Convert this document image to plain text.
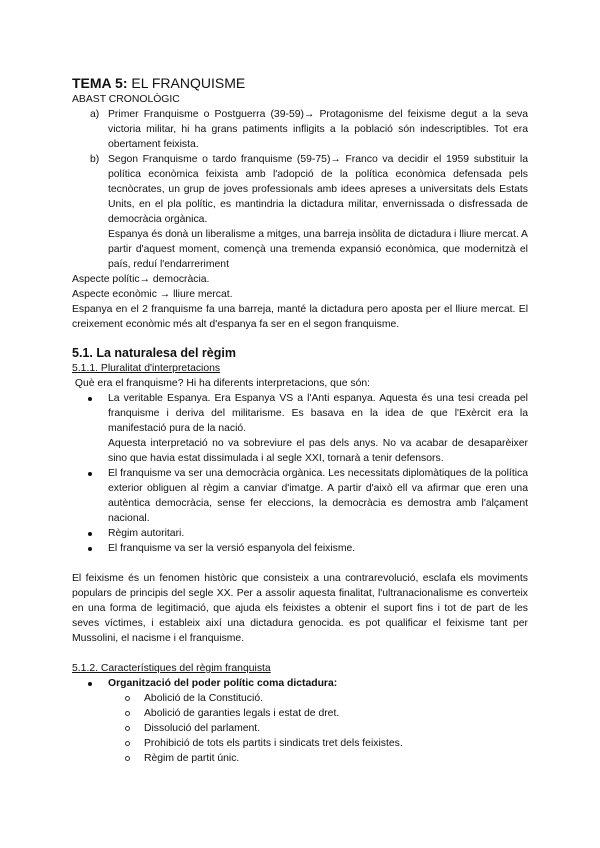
TEMA 5: EL FRANQUISME
ABAST CRONOLÒGIC
a) Primer Franquisme o Postguerra (39-59)→ Protagonisme del feixisme degut a la seva victoria militar, hi ha grans patiments infligits a la població són indescriptibles. Tot era obertament feixista.
b) Segon Franquisme o tardo franquisme (59-75)→ Franco va decidir el 1959 substituir la política econòmica feixista amb l'adopció de la política econòmica defensada pels tecnòcrates, un grup de joves professionals amb idees apreses a universitats dels Estats Units, en el pla polític, es mantindria la dictadura militar, envernissada o disfressada de democràcia orgànica.

Espanya és donà un liberalisme a mitges, una barreja insòlita de dictadura i lliure mercat. A partir d'aquest moment, començà una tremenda expansió econòmica, que modernitzà el país, reduí l'endarreriment

Aspecte polític→ democràcia.
Aspecte econòmic → lliure mercat.

Espanya en el 2 franquisme fa una barreja, manté la dictadura pero aposta per el lliure mercat. El creixement econòmic més alt d'espanya fa ser en el segon franquisme.

5.1. La naturalesa del règim
5.1.1. Pluralitat d'interpretacions
Què era el franquisme? Hi ha diferents interpretacions, que són:
La veritable Espanya. Era Espanya VS a l'Anti espanya. Aquesta és una tesi creada pel franquisme i deriva del militarisme. Es basava en la idea de que l'Exèrcit era la manifestació pura de la nació.

Aquesta interpretació no va sobreviure el pas dels anys. No va acabar de desaparèixer sino que havia estat dissimulada i al segle XXI, tornarà a tenir defensors.

El franquisme va ser una democràcia orgànica. Les necessitats diplomàtiques de la política exterior obliguen al règim a canviar d'imatge. A partir d'això ell va afirmar que eren una autèntica democràcia, sense fer eleccions, la democràcia es demostra amb l'alçament nacional.
Règim autoritari.
El franquisme va ser la versió espanyola del feixisme.

El feixisme és un fenomen històric que consisteix a una contrarevolució, esclafa els moviments populars de principis del segle XX. Per a assolir aquesta finalitat, l'ultranacionalisme es converteix en una forma de legitimació, que ajuda els feixistes a obtenir el suport fins i tot de part de les seves víctimes, i estableix així una dictadura genocida. es pot qualificar el feixisme tant per Mussolini, el nacisme i el franquisme.

5.1.2. Característiques del règim franquista
Organització del poder polític coma dictadura:
Abolició de la Constitució.
Abolició de garanties legals i estat de dret.
Dissolució del parlament.
Prohibició de tots els partits i sindicats tret dels feixistes.
Règim de partit únic.
